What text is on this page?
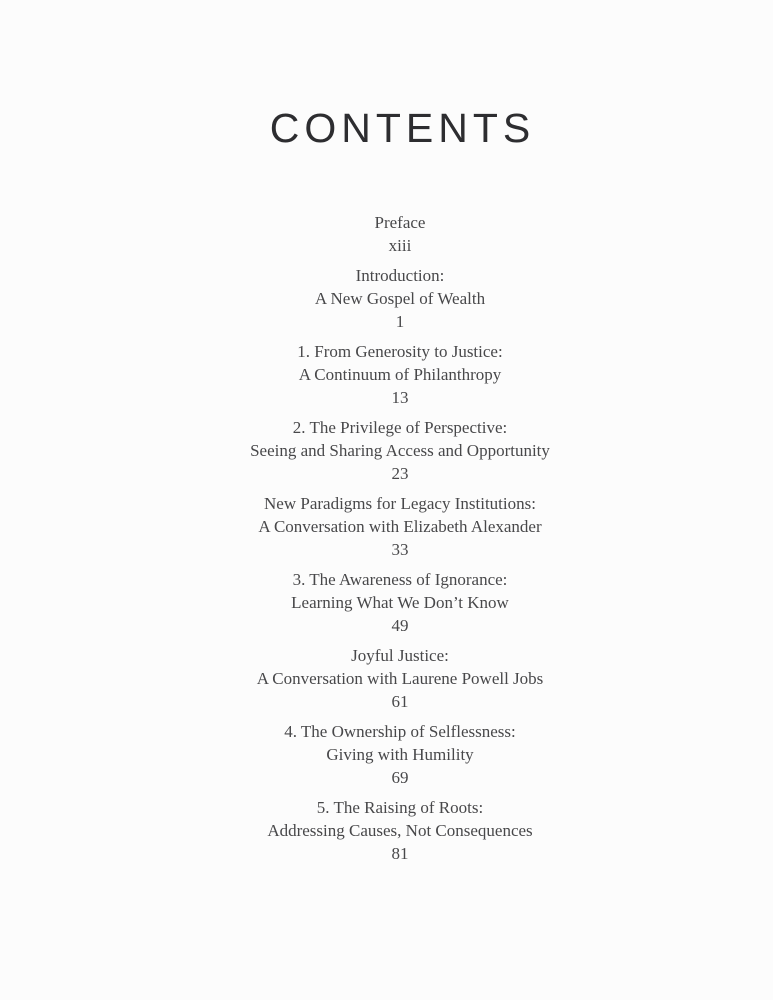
CONTENTS

Preface

xiii

Introduction:

A New Gospel of Wealth

1

1. From Generosity to Justice:

A Continuum of Philanthropy

13

2. The Privilege of Perspective:

Seeing and Sharing Access and Opportunity

23

New Paradigms for Legacy Institutions:

A Conversation with Elizabeth Alexander

33

3. The Awareness of Ignorance:

Learning What We Don’t Know

49

Joyful Justice:

A Conversation with Laurene Powell Jobs

61

4. The Ownership of Selflessness:

Giving with Humility

69

5. The Raising of Roots:

Addressing Causes, Not Consequences

81
